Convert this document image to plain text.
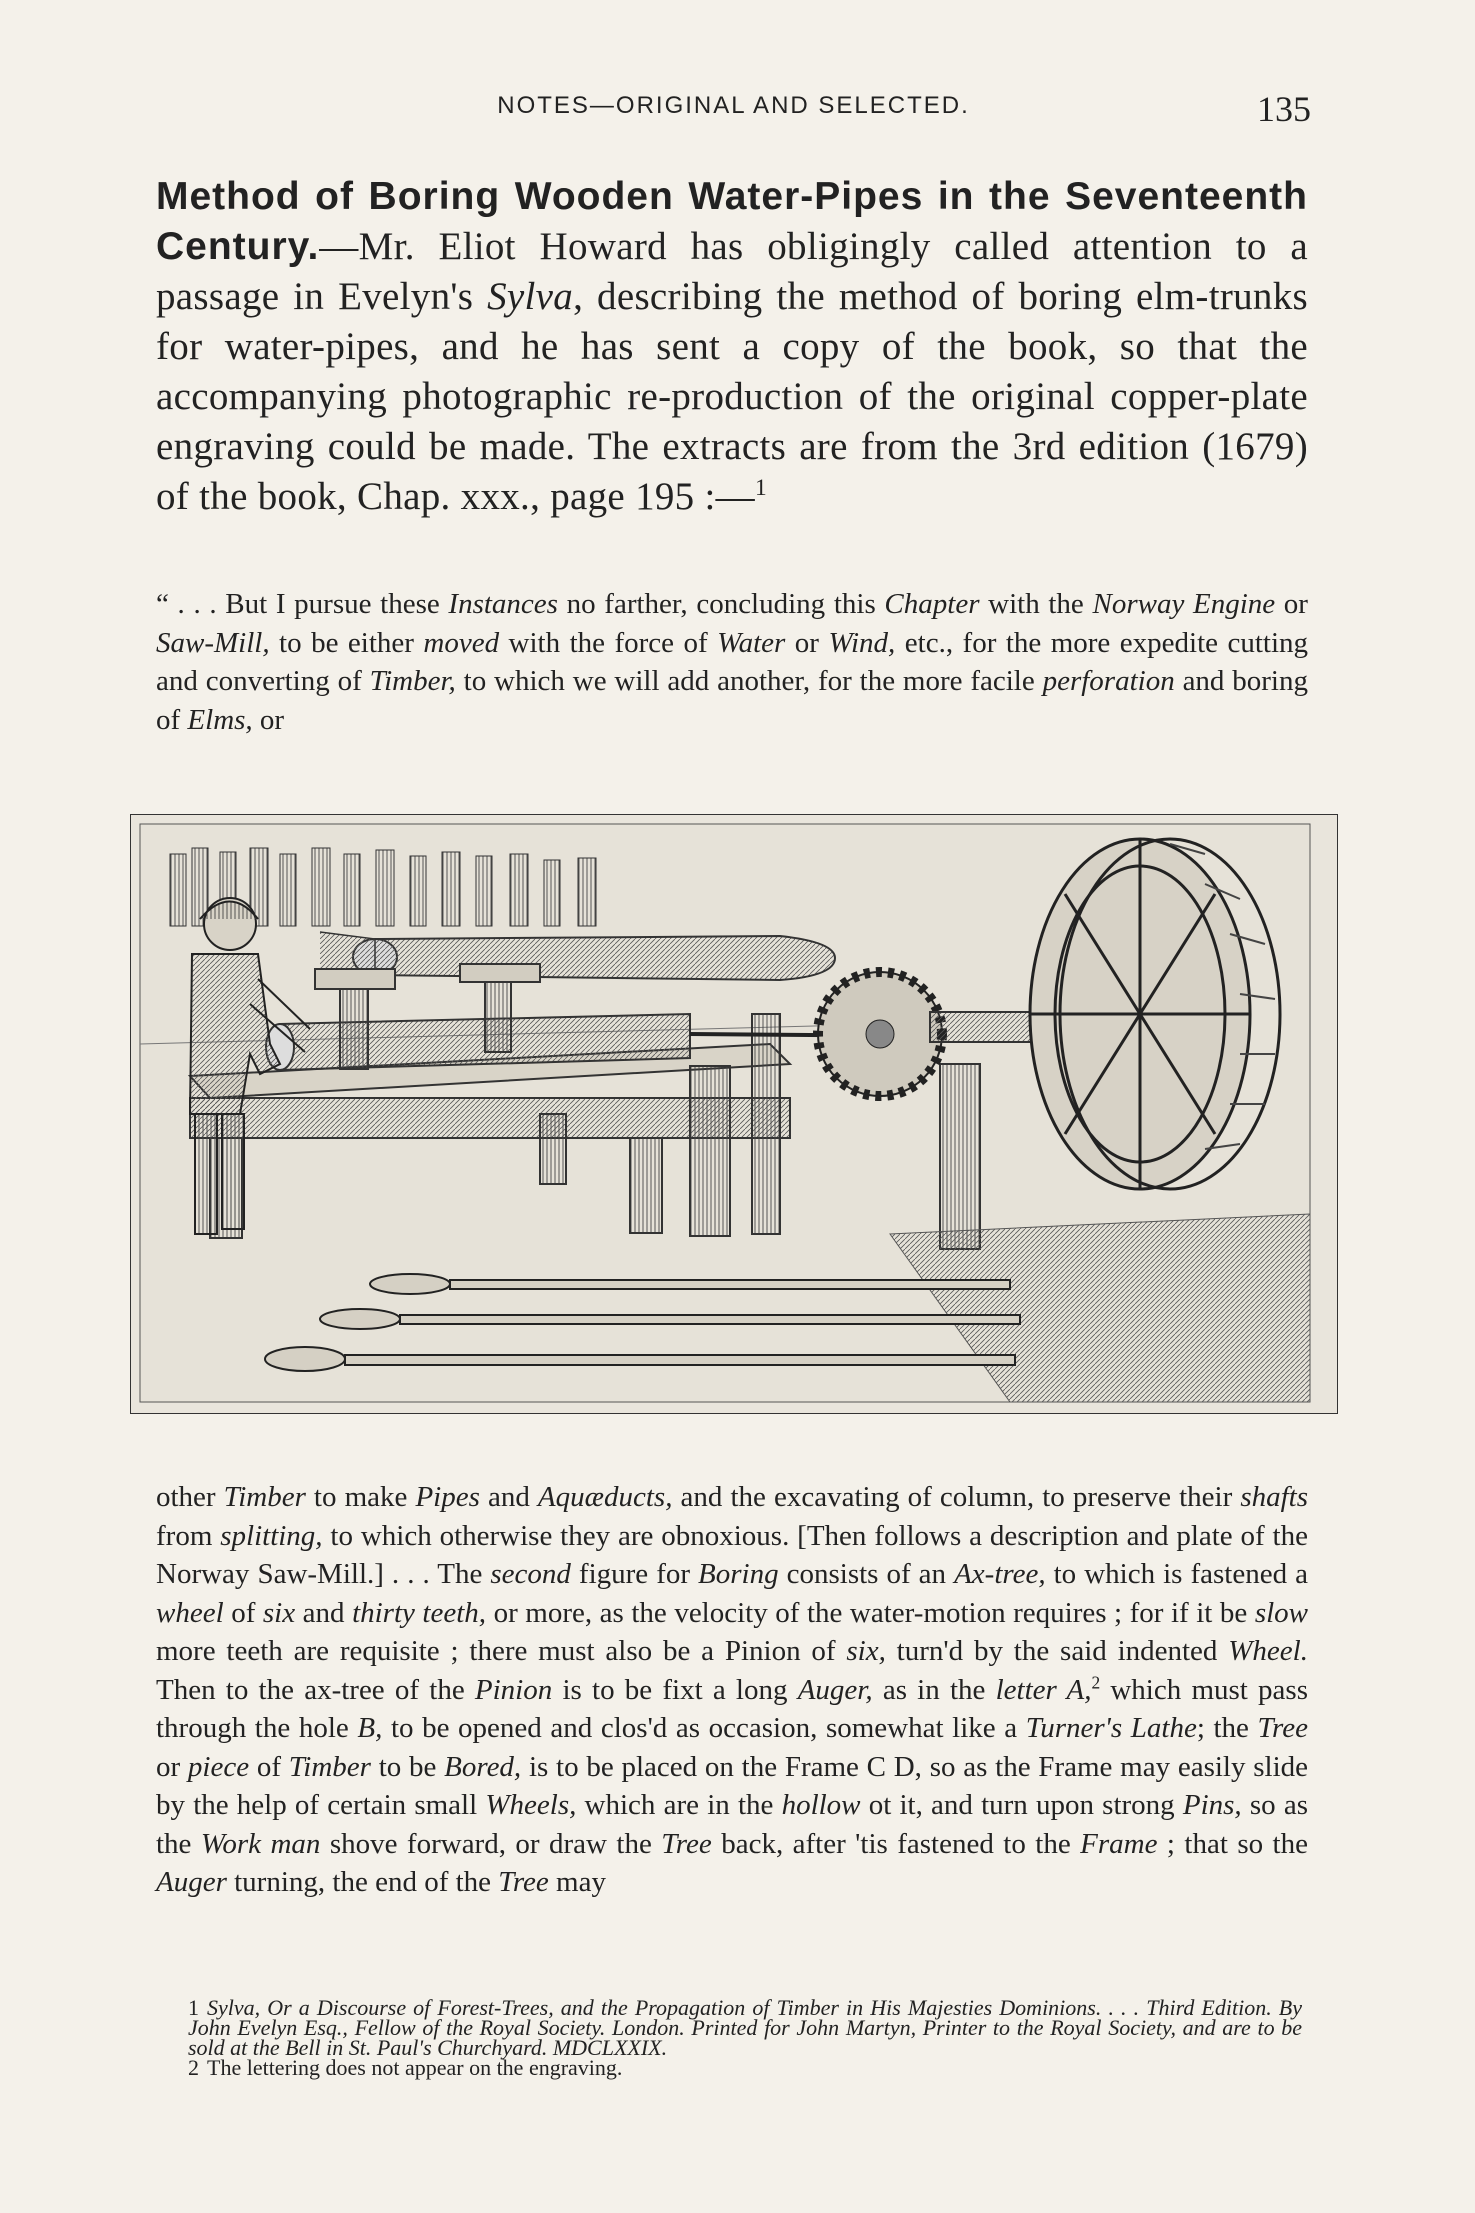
NOTES—ORIGINAL AND SELECTED.	135
Method of Boring Wooden Water-Pipes in the Seventeenth Century.—Mr. Eliot Howard has obligingly called attention to a passage in Evelyn's Sylva, describing the method of boring elm-trunks for water-pipes, and he has sent a copy of the book, so that the accompanying photographic re-production of the original copper-plate engraving could be made. The extracts are from the 3rd edition (1679) of the book, Chap. xxx., page 195 :—$^1$
“ . . . But I pursue these Instances no farther, concluding this Chapter with the Norway Engine or Saw-Mill, to be either moved with the force of Water or Wind, etc., for the more expedite cutting and converting of Timber, to which we will add another, for the more facile perforation and boring of Elms, or
other Timber to make Pipes and Aquæducts, and the excavating of column, to preserve their shafts from splitting, to which otherwise they are obnoxious. [Then follows a description and plate of the Norway Saw-Mill.] . . . The second figure for Boring consists of an Ax-tree, to which is fastened a wheel of six and thirty teeth, or more, as the velocity of the water-motion requires ; for if it be slow more teeth are requisite ; there must also be a Pinion of six, turn'd by the said indented Wheel. Then to the ax-tree of the Pinion is to be fixt a long Auger, as in the letter A,$^2$ which must pass through the hole B, to be opened and clos'd as occasion, somewhat like a Turner's Lathe; the Tree or piece of Timber to be Bored, is to be placed on the Frame C D, so as the Frame may easily slide by the help of certain small Wheels, which are in the hollow ot it, and turn upon strong Pins, so as the Work man shove forward, or draw the Tree back, after 'tis fastened to the Frame ; that so the Auger turning, the end of the Tree may

1 Sylva, Or a Discourse of Forest-Trees, and the Propagation of Timber in His Majesties Dominions. . . . Third Edition. By John Evelyn Esq., Fellow of the Royal Society. London. Printed for John Martyn, Printer to the Royal Society, and are to be sold at the Bell in St. Paul's Churchyard. MDCLXXIX.

2 The lettering does not appear on the engraving.
